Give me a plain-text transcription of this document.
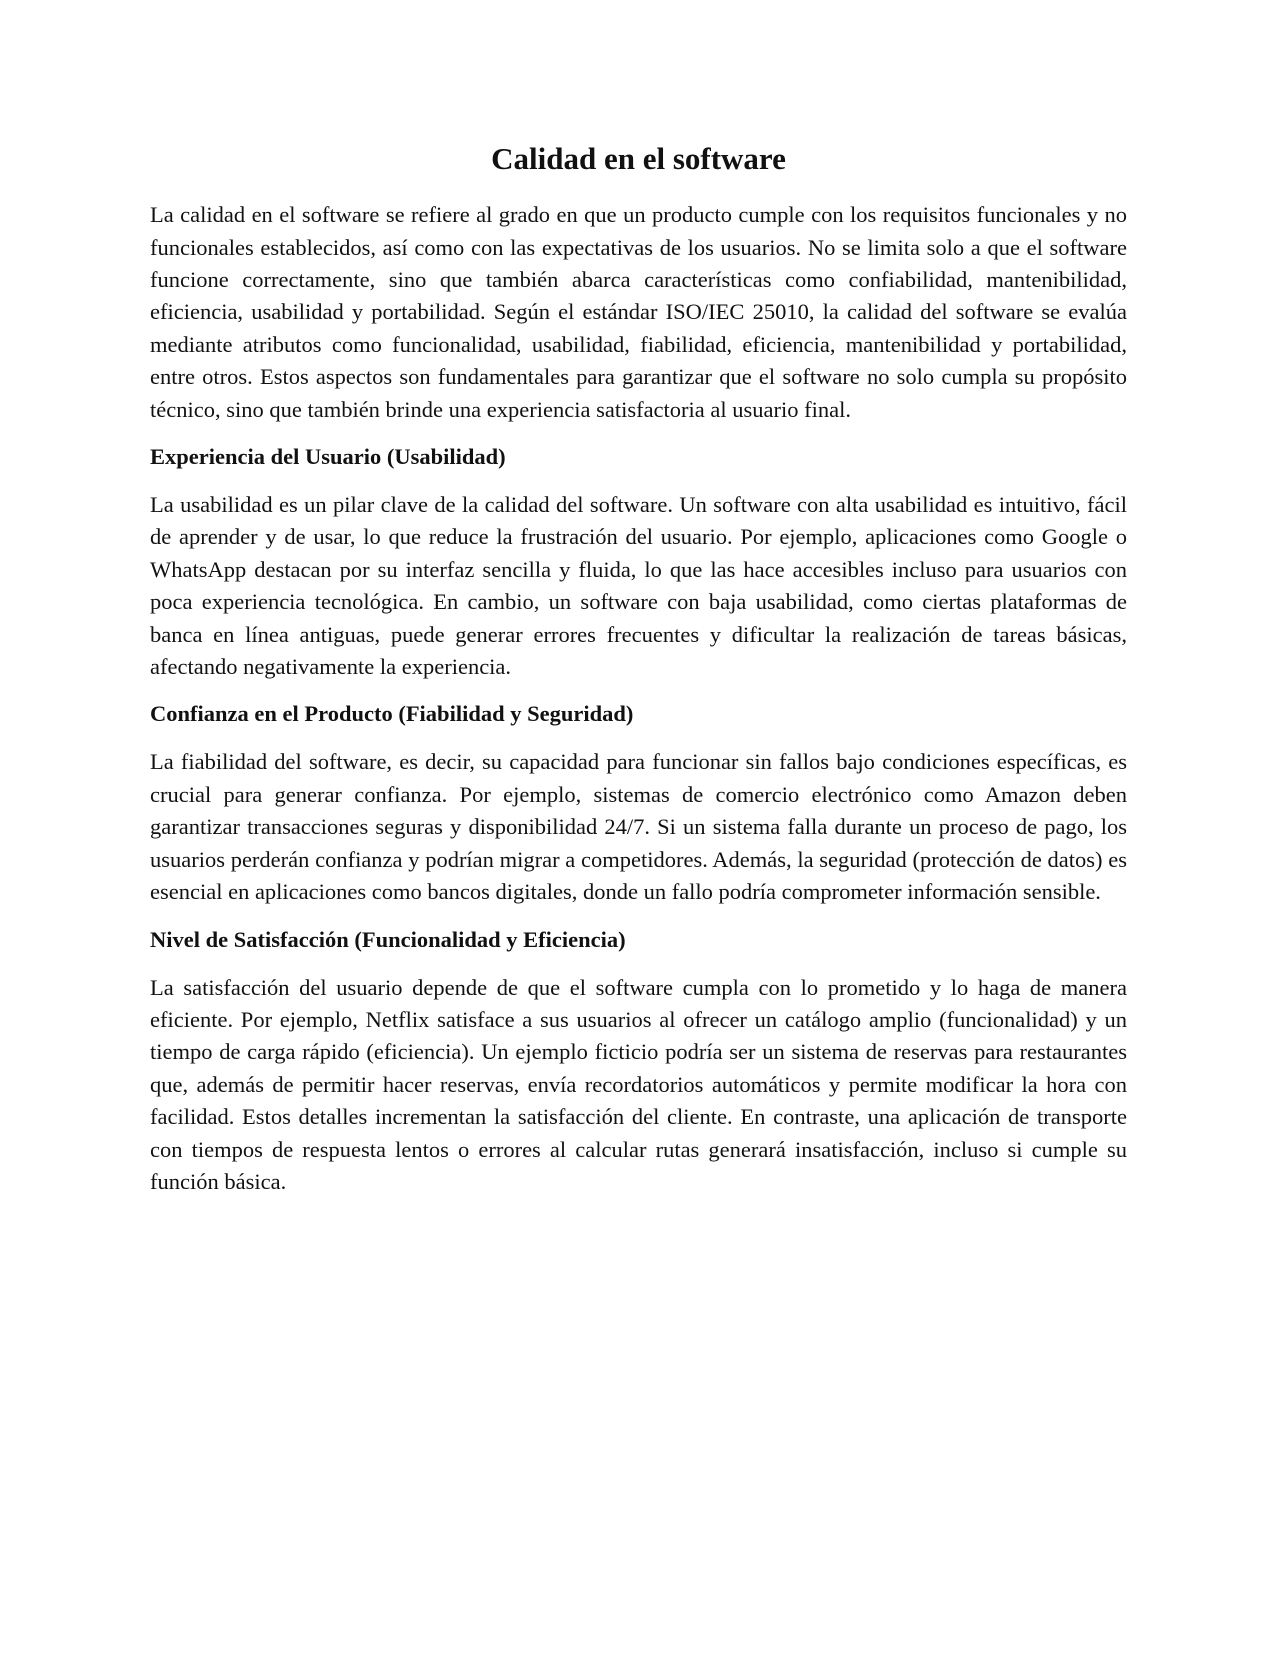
Calidad en el software

La calidad en el software se refiere al grado en que un producto cumple con los requisitos funcionales y no funcionales establecidos, así como con las expectativas de los usuarios. No se limita solo a que el software funcione correctamente, sino que también abarca características como confiabilidad, mantenibilidad, eficiencia, usabilidad y portabilidad. Según el estándar ISO/IEC 25010, la calidad del software se evalúa mediante atributos como funcionalidad, usabilidad, fiabilidad, eficiencia, mantenibilidad y portabilidad, entre otros. Estos aspectos son fundamentales para garantizar que el software no solo cumpla su propósito técnico, sino que también brinde una experiencia satisfactoria al usuario final.

Experiencia del Usuario (Usabilidad)

La usabilidad es un pilar clave de la calidad del software. Un software con alta usabilidad es intuitivo, fácil de aprender y de usar, lo que reduce la frustración del usuario. Por ejemplo, aplicaciones como Google o WhatsApp destacan por su interfaz sencilla y fluida, lo que las hace accesibles incluso para usuarios con poca experiencia tecnológica. En cambio, un software con baja usabilidad, como ciertas plataformas de banca en línea antiguas, puede generar errores frecuentes y dificultar la realización de tareas básicas, afectando negativamente la experiencia.

Confianza en el Producto (Fiabilidad y Seguridad)

La fiabilidad del software, es decir, su capacidad para funcionar sin fallos bajo condiciones específicas, es crucial para generar confianza. Por ejemplo, sistemas de comercio electrónico como Amazon deben garantizar transacciones seguras y disponibilidad 24/7. Si un sistema falla durante un proceso de pago, los usuarios perderán confianza y podrían migrar a competidores. Además, la seguridad (protección de datos) es esencial en aplicaciones como bancos digitales, donde un fallo podría comprometer información sensible.

Nivel de Satisfacción (Funcionalidad y Eficiencia)

La satisfacción del usuario depende de que el software cumpla con lo prometido y lo haga de manera eficiente. Por ejemplo, Netflix satisface a sus usuarios al ofrecer un catálogo amplio (funcionalidad) y un tiempo de carga rápido (eficiencia). Un ejemplo ficticio podría ser un sistema de reservas para restaurantes que, además de permitir hacer reservas, envía recordatorios automáticos y permite modificar la hora con facilidad. Estos detalles incrementan la satisfacción del cliente. En contraste, una aplicación de transporte con tiempos de respuesta lentos o errores al calcular rutas generará insatisfacción, incluso si cumple su función básica.
